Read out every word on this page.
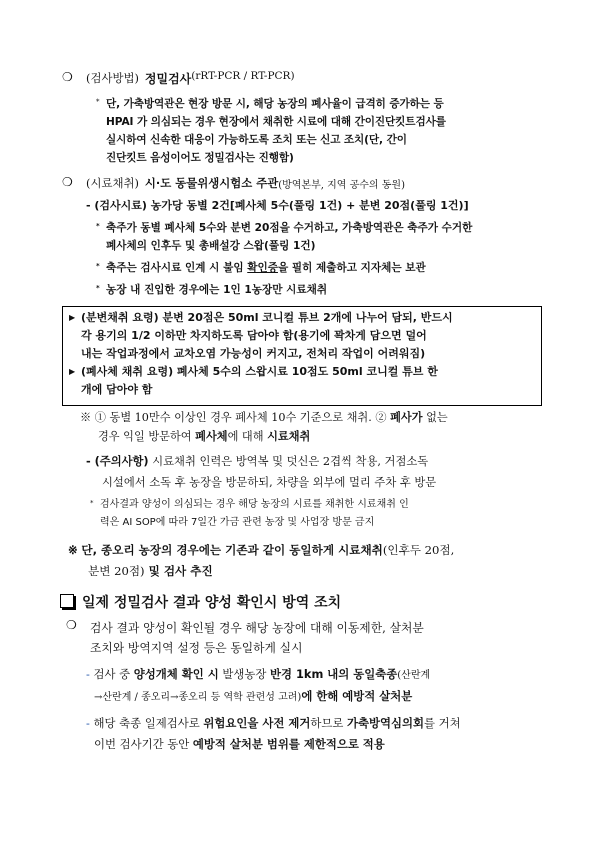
❍ (검사방법) 정밀검사 (rRT-PCR / RT-PCR)
* 단, 가축방역관은 현장 방문 시, 해당 농장의 폐사율이 급격히 증가하는 등
HPAI 가 의심되는 경우 현장에서 채취한 시료에 대해 간이진단킷트검사를
실시하여 신속한 대응이 가능하도록 조치 또는 신고 조치(단, 간이
진단킷트 음성이어도 정밀검사는 진행함)
❍ (시료채취) 시·도 동물위생시험소 주관 (방역본부, 지역 공수의 동원)
- (검사시료) 농가당 동별 2건[폐사체 5수(풀링 1건) + 분변 20점(풀링 1건)]
* 축주가 동별 폐사체 5수와 분변 20점을 수거하고, 가축방역관은 축주가 수거한
폐사체의 인후두 및 총배설강 스왑(풀링 1건)
* 축주는 검사시료 인계 시 불임 확인증을 필히 제출하고 지자체는 보관
* 농장 내 진입한 경우에는 1인 1농장만 시료채취
▶ (분변채취 요령) 분변 20점은 50ml 코니컬 튜브 2개에 나누어 담되, 반드시
각 용기의 1/2 이하만 차지하도록 담아야 함(용기에 꽉차게 담으면 덜어
내는 작업과정에서 교차오염 가능성이 커지고, 전처리 작업이 어려워짐)
▶ (폐사체 채취 요령) 폐사체 5수의 스왑시료 10점도 50ml 코니컬 튜브 한
개에 담아야 함
※ ① 동별 10만수 이상인 경우 폐사체 10수 기준으로 채취. ② 폐사가 없는
경우 익일 방문하여 폐사체에 대해 시료채취
- (주의사항) 시료채취 인력은 방역복 및 덧신은 2겹씩 착용, 거점소독
시설에서 소독 후 농장을 방문하되, 차량을 외부에 멀리 주차 후 방문
* 검사결과 양성이 의심되는 경우 해당 농장의 시료를 채취한 시료채취 인
력은 AI SOP에 따라 7일간 가금 관련 농장 및 사업장 방문 금지
※ 단, 종오리 농장의 경우에는 기존과 같이 동일하게 시료채취(인후두 20점,
분변 20점) 및 검사 추진
일제 정밀검사 결과 양성 확인시 방역 조치
❍ 검사 결과 양성이 확인될 경우 해당 농장에 대해 이동제한, 살처분
조치와 방역지역 설정 등은 동일하게 실시
- 검사 중 양성개체 확인 시 발생농장 반경 1km 내의 동일축종(산란계
→산란계 / 종오리→종오리 등 역학 관련성 고려)에 한해 예방적 살처분
- 해당 축종 일제검사로 위험요인을 사전 제거하므로 가축방역심의회를 거쳐
이번 검사기간 동안 예방적 살처분 범위를 제한적으로 적용
